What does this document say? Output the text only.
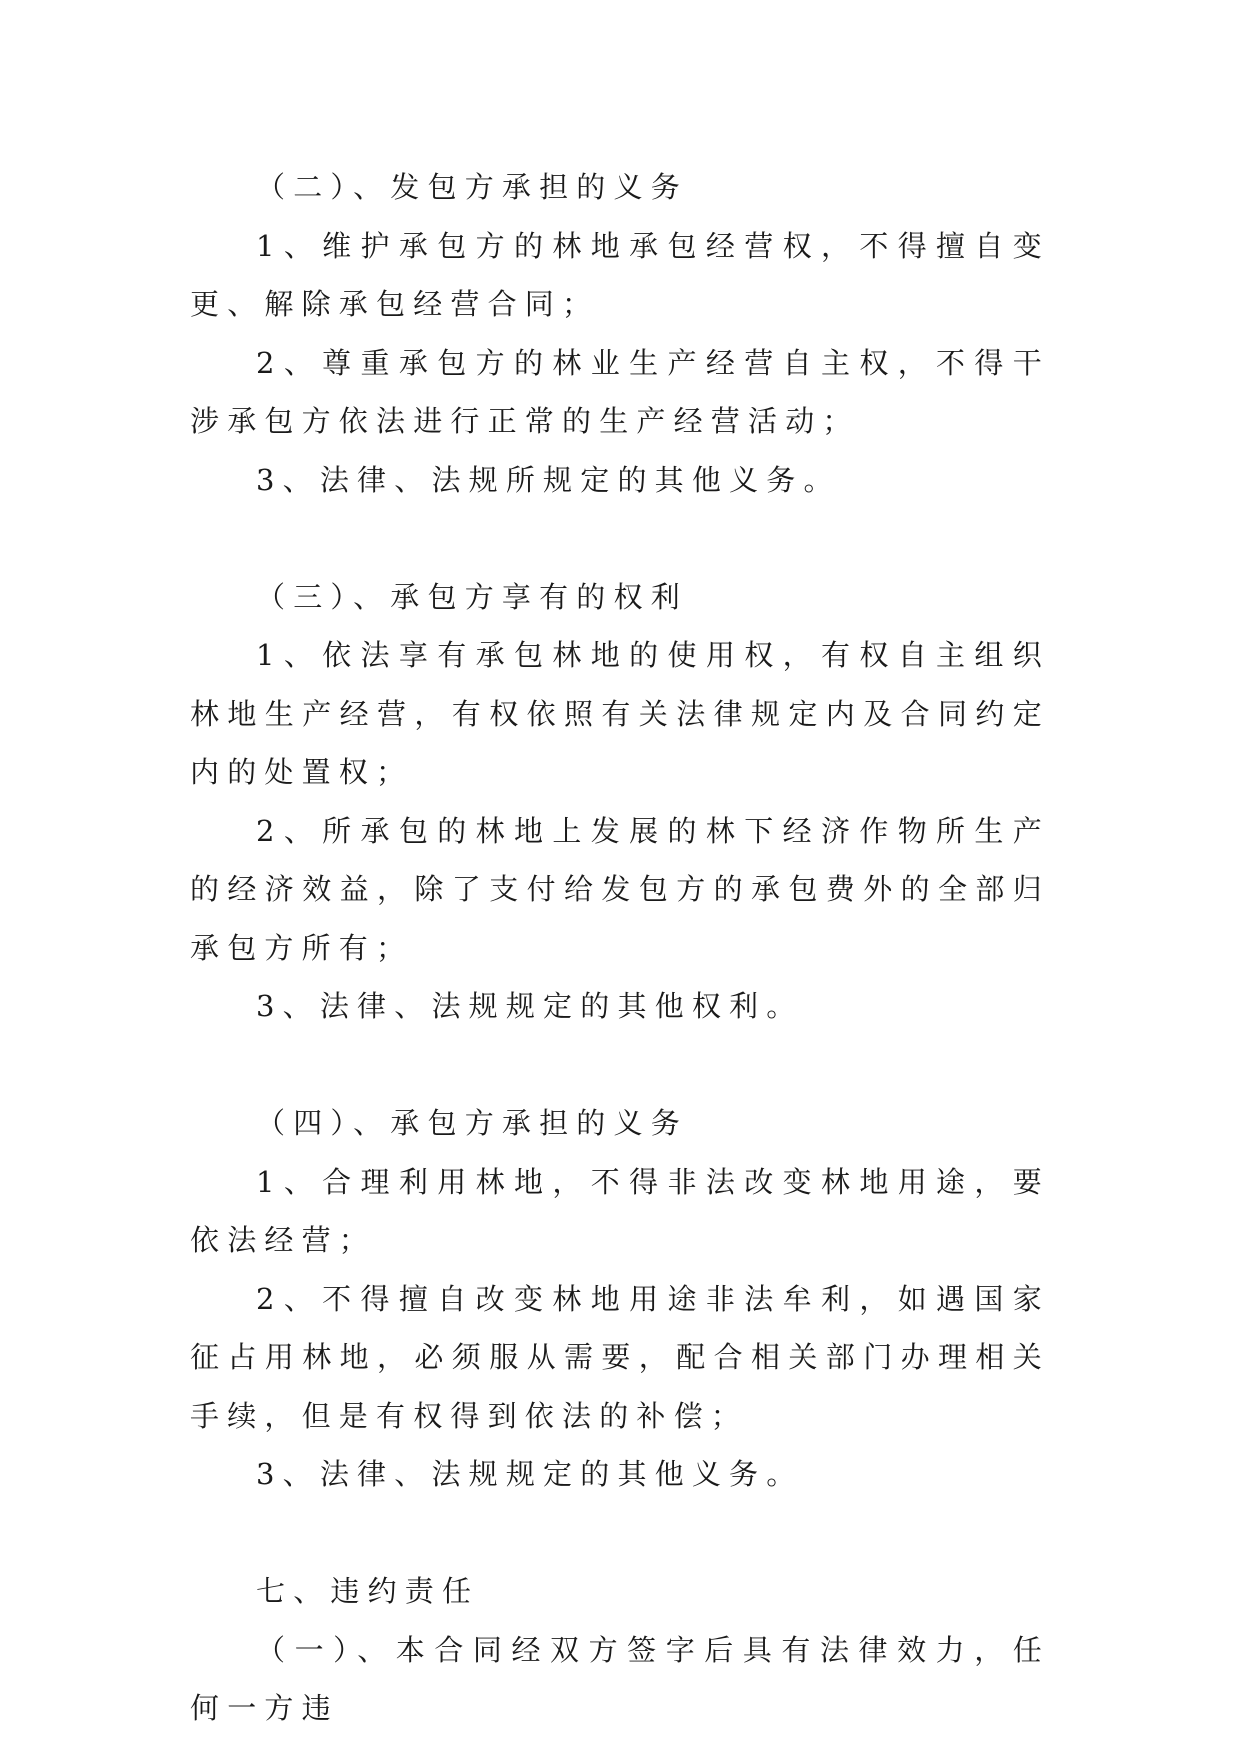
（二）、发包方承担的义务

1、维护承包方的林地承包经营权，不得擅自变更、解除承包经营合同；

2、尊重承包方的林业生产经营自主权，不得干涉承包方依法进行正常的生产经营活动；

3、法律、法规所规定的其他义务。

（三）、承包方享有的权利

1、依法享有承包林地的使用权，有权自主组织林地生产经营，有权依照有关法律规定内及合同约定内的处置权；

2、所承包的林地上发展的林下经济作物所生产的经济效益，除了支付给发包方的承包费外的全部归承包方所有；

3、法律、法规规定的其他权利。

（四）、承包方承担的义务

1、合理利用林地，不得非法改变林地用途，要依法经营；

2、不得擅自改变林地用途非法牟利，如遇国家征占用林地，必须服从需要，配合相关部门办理相关手续，但是有权得到依法的补偿；

3、法律、法规规定的其他义务。

七、违约责任

（一）、本合同经双方签字后具有法律效力，任何一方违
